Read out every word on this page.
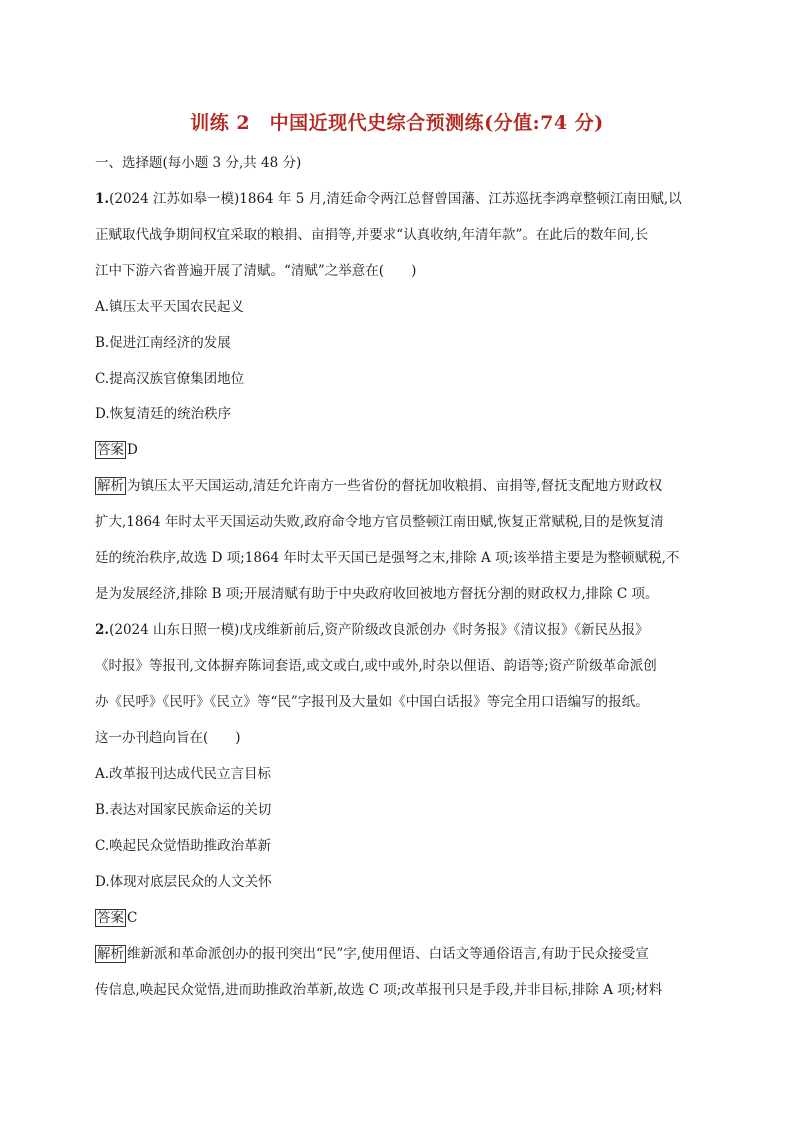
训练 2　中国近现代史综合预测练(分值:74 分)
一、选择题(每小题 3 分,共 48 分)
1.(2024 江苏如皋一模)1864 年 5 月,清廷命令两江总督曾国藩、江苏巡抚李鸿章整顿江南田赋,以
正赋取代战争期间权宜采取的粮捐、亩捐等,并要求“认真收纳,年清年款”。在此后的数年间,长
江中下游六省普遍开展了清赋。“清赋”之举意在(　　)
A.镇压太平天国农民起义
B.促进江南经济的发展
C.提高汉族官僚集团地位
D.恢复清廷的统治秩序
答案 D
解析 为镇压太平天国运动,清廷允许南方一些省份的督抚加收粮捐、亩捐等,督抚支配地方财政权
扩大,1864 年时太平天国运动失败,政府命令地方官员整顿江南田赋,恢复正常赋税,目的是恢复清
廷的统治秩序,故选 D 项;1864 年时太平天国已是强弩之末,排除 A 项;该举措主要是为整顿赋税,不
是为发展经济,排除 B 项;开展清赋有助于中央政府收回被地方督抚分割的财政权力,排除 C 项。
2.(2024 山东日照一模)戊戌维新前后,资产阶级改良派创办《时务报》《清议报》《新民丛报》
《时报》等报刊,文体摒弃陈词套语,或文或白,或中或外,时杂以俚语、韵语等;资产阶级革命派创
办《民呼》《民吁》《民立》等“民”字报刊及大量如《中国白话报》等完全用口语编写的报纸。
这一办刊趋向旨在(　　)
A.改革报刊达成代民立言目标
B.表达对国家民族命运的关切
C.唤起民众觉悟助推政治革新
D.体现对底层民众的人文关怀
答案 C
解析 维新派和革命派创办的报刊突出“民”字,使用俚语、白话文等通俗语言,有助于民众接受宣
传信息,唤起民众觉悟,进而助推政治革新,故选 C 项;改革报刊只是手段,并非目标,排除 A 项;材料
